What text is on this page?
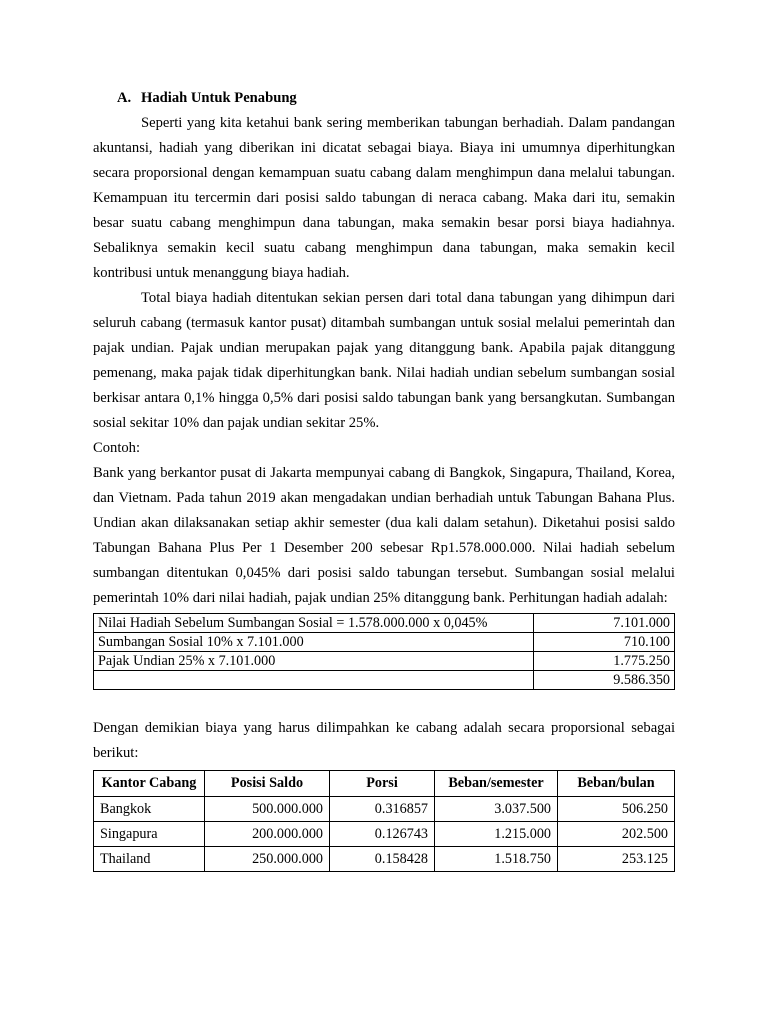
A. Hadiah Untuk Penabung

Seperti yang kita ketahui bank sering memberikan tabungan berhadiah. Dalam pandangan akuntansi, hadiah yang diberikan ini dicatat sebagai biaya. Biaya ini umumnya diperhitungkan secara proporsional dengan kemampuan suatu cabang dalam menghimpun dana melalui tabungan. Kemampuan itu tercermin dari posisi saldo tabungan di neraca cabang. Maka dari itu, semakin besar suatu cabang menghimpun dana tabungan, maka semakin besar porsi biaya hadiahnya. Sebaliknya semakin kecil suatu cabang menghimpun dana tabungan, maka semakin kecil kontribusi untuk menanggung biaya hadiah.

Total biaya hadiah ditentukan sekian persen dari total dana tabungan yang dihimpun dari seluruh cabang (termasuk kantor pusat) ditambah sumbangan untuk sosial melalui pemerintah dan pajak undian. Pajak undian merupakan pajak yang ditanggung bank. Apabila pajak ditanggung pemenang, maka pajak tidak diperhitungkan bank. Nilai hadiah undian sebelum sumbangan sosial berkisar antara 0,1% hingga 0,5% dari posisi saldo tabungan bank yang bersangkutan. Sumbangan sosial sekitar 10% dan pajak undian sekitar 25%.

Contoh:

Bank yang berkantor pusat di Jakarta mempunyai cabang di Bangkok, Singapura, Thailand, Korea, dan Vietnam. Pada tahun 2019 akan mengadakan undian berhadiah untuk Tabungan Bahana Plus. Undian akan dilaksanakan setiap akhir semester (dua kali dalam setahun). Diketahui posisi saldo Tabungan Bahana Plus Per 1 Desember 200 sebesar Rp1.578.000.000. Nilai hadiah sebelum sumbangan ditentukan 0,045% dari posisi saldo tabungan tersebut. Sumbangan sosial melalui pemerintah 10% dari nilai hadiah, pajak undian 25% ditanggung bank. Perhitungan hadiah adalah:

Nilai Hadiah Sebelum Sumbangan Sosial = 1.578.000.000 x 0,045%	7.101.000
Sumbangan Sosial 10% x 7.101.000	710.100
Pajak Undian 25% x 7.101.000	1.775.250
	9.586.350

Dengan demikian biaya yang harus dilimpahkan ke cabang adalah secara proporsional sebagai berikut:

Kantor Cabang	Posisi Saldo	Porsi	Beban/semester	Beban/bulan
Bangkok	500.000.000	0.316857	3.037.500	506.250
Singapura	200.000.000	0.126743	1.215.000	202.500
Thailand	250.000.000	0.158428	1.518.750	253.125
